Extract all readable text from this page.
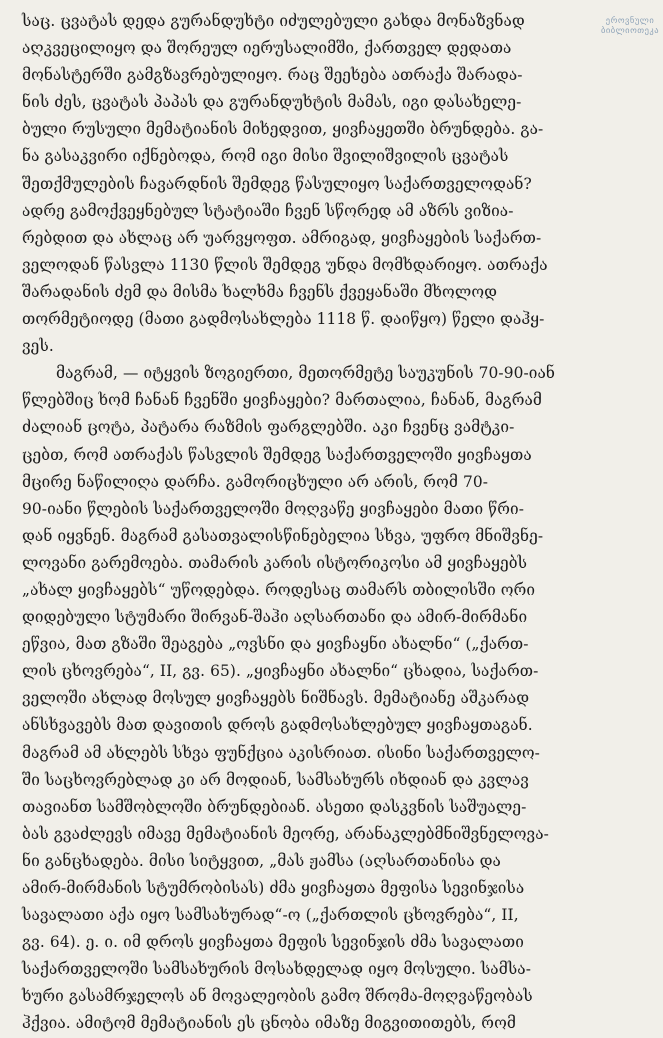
საც. ცვატას დედა გურანდუხტი იძულებული გახდა მონაზვნად
აღკვეცილიყო და შორეულ იერუსალიმში, ქართველ დედათა
მონასტერში გამგზავრებულიყო. რაც შეეხება ათრაქა შარადა-
ნის ძეს, ცვატას პაპას და გურანდუხტის მამას, იგი დასახელე-
ბული რუსული მემატიანის მიხედვით, ყივჩაყეთში ბრუნდება. გა-
ნა გასაკვირი იქნებოდა, რომ იგი მისი შვილიშვილის ცვატას
შეთქმულების ჩავარდნის შემდეგ წასულიყო საქართველოდან?
ადრე გამოქვეყნებულ სტატიაში ჩვენ სწორედ ამ აზრს ვიზია-
რებდით და ახლაც არ უარვყოფთ. ამრიგად, ყივჩაყების საქართ-
ველოდან წასვლა 1130 წლის შემდეგ უნდა მომხდარიყო. ათრაქა
შარადანის ძემ და მისმა ხალხმა ჩვენს ქვეყანაში მხოლოდ
თორმეტიოდე (მათი გადმოსახლება 1118 წ. დაიწყო) წელი დაჰყ-
ვეს.
მაგრამ, — იტყვის ზოგიერთი, მეთორმეტე საუკუნის 70-90-იან
წლებშიც ხომ ჩანან ჩვენში ყივჩაყები? მართალია, ჩანან, მაგრამ
ძალიან ცოტა, პატარა რაზმის ფარგლებში. აკი ჩვენც ვამტკი-
ცებთ, რომ ათრაქას წასვლის შემდეგ საქართველოში ყივჩაყთა
მცირე ნაწილიღა დარჩა. გამორიცხული არ არის, რომ 70-
90-იანი წლების საქართველოში მოღვაწე ყივჩაყები მათი წრი-
დან იყვნენ. მაგრამ გასათვალისწინებელია სხვა, უფრო მნიშვნე-
ლოვანი გარემოება. თამარის კარის ისტორიკოსი ამ ყივჩაყებს
„ახალ ყივჩაყებს“ უწოდებდა. როდესაც თამარს თბილისში ორი
დიდებული სტუმარი შირვან-შაჰი აღსართანი და ამირ-მირმანი
ეწვია, მათ გზაში შეაგება „ოვსნი და ყივჩაყნი ახალნი“ („ქართ-
ლის ცხოვრება“, II, გვ. 65). „ყივჩაყნი ახალნი“ ცხადია, საქართ-
ველოში ახლად მოსულ ყივჩაყებს ნიშნავს. მემატიანე აშკარად
ანსხვავებს მათ დავითის დროს გადმოსახლებულ ყივჩაყთაგან.
მაგრამ ამ ახლებს სხვა ფუნქცია აკისრიათ. ისინი საქართველო-
ში საცხოვრებლად კი არ მოდიან, სამსახურს იხდიან და კვლავ
თავიანთ სამშობლოში ბრუნდებიან. ასეთი დასკვნის საშუალე-
ბას გვაძლევს იმავე მემატიანის მეორე, არანაკლებმნიშვნელოვა-
ნი განცხადება. მისი სიტყვით, „მას ჟამსა (აღსართანისა და
ამირ-მირმანის სტუმრობისას) ძმა ყივჩაყთა მეფისა სევინჯისა
სავალათი აქა იყო სამსახურად“-ო („ქართლის ცხოვრება“, II,
გვ. 64). ე. ი. იმ დროს ყივჩაყთა მეფის სევინჯის ძმა სავალათი
საქართველოში სამსახურის მოსახდელად იყო მოსული. სამსა-
ხური გასამრჯელოს ან მოვალეობის გამო შრომა-მოღვაწეობას
ჰქვია. ამიტომ მემატიანის ეს ცნობა იმაზე მიგვითითებს, რომ
ეროვნული
ბიბლიოთეკა
